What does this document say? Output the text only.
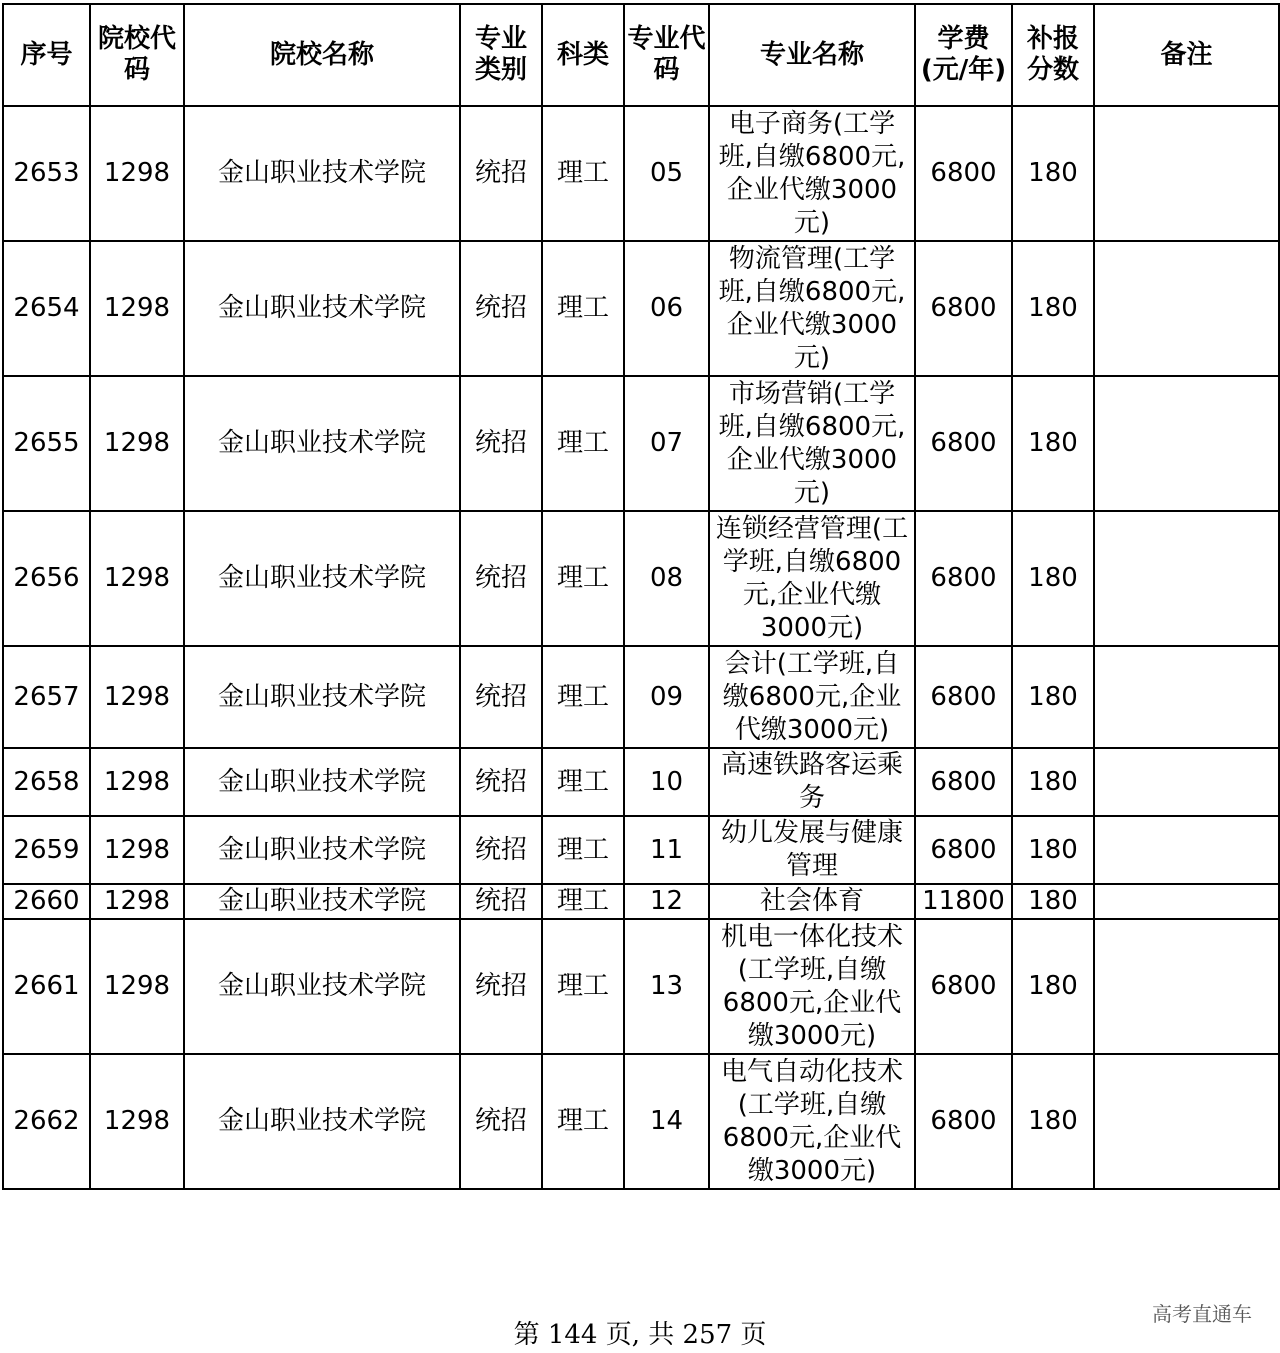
序号	院校代码	院校名称	专业类别	科类	专业代码	专业名称	学费(元/年)	补报分数	备注
2653	1298	金山职业技术学院	统招	理工	05	电子商务(工学班,自缴6800元,企业代缴3000元)	6800	180	
2654	1298	金山职业技术学院	统招	理工	06	物流管理(工学班,自缴6800元,企业代缴3000元)	6800	180	
2655	1298	金山职业技术学院	统招	理工	07	市场营销(工学班,自缴6800元,企业代缴3000元)	6800	180	
2656	1298	金山职业技术学院	统招	理工	08	连锁经营管理(工学班,自缴6800元,企业代缴3000元)	6800	180	
2657	1298	金山职业技术学院	统招	理工	09	会计(工学班,自缴6800元,企业代缴3000元)	6800	180	
2658	1298	金山职业技术学院	统招	理工	10	高速铁路客运乘务	6800	180	
2659	1298	金山职业技术学院	统招	理工	11	幼儿发展与健康管理	6800	180	
2660	1298	金山职业技术学院	统招	理工	12	社会体育	11800	180	
2661	1298	金山职业技术学院	统招	理工	13	机电一体化技术(工学班,自缴6800元,企业代缴3000元)	6800	180	
2662	1298	金山职业技术学院	统招	理工	14	电气自动化技术(工学班,自缴6800元,企业代缴3000元)	6800	180	
高考直通车
第 144 页, 共 257 页
